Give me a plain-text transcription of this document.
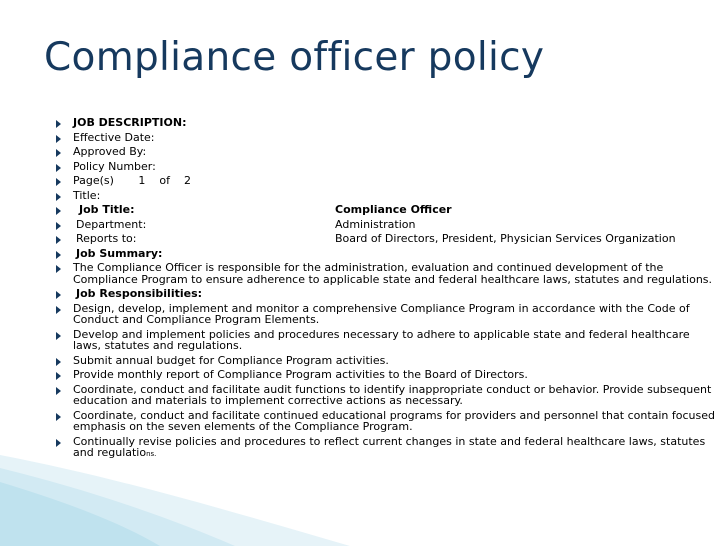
Compliance officer policy
JOB DESCRIPTION:
Effective Date:
Approved By:
Policy Number:
Page(s)       1    of    2
Title:
Job Title:	Compliance Officer
Department:	Administration
Reports to:	Board of Directors, President, Physician Services Organization
Job Summary:
The Compliance Officer is responsible for the administration, evaluation and continued development of the Compliance Program to ensure adherence to applicable state and federal healthcare laws, statutes and regulations.
Job Responsibilities:
Design, develop, implement and monitor a comprehensive Compliance Program in accordance with the Code of Conduct and Compliance Program Elements.
Develop and implement policies and procedures necessary to adhere to applicable state and federal healthcare laws, statutes and regulations.
Submit annual budget for Compliance Program activities.
Provide monthly report of Compliance Program activities to the Board of Directors.
Coordinate, conduct and facilitate audit functions to identify inappropriate conduct or behavior. Provide subsequent education and materials to implement corrective actions as necessary.
Coordinate, conduct and facilitate continued educational programs for providers and personnel that contain focused emphasis on the seven elements of the Compliance Program.
Continually revise policies and procedures to reflect current changes in state and federal healthcare laws, statutes and regulations.
